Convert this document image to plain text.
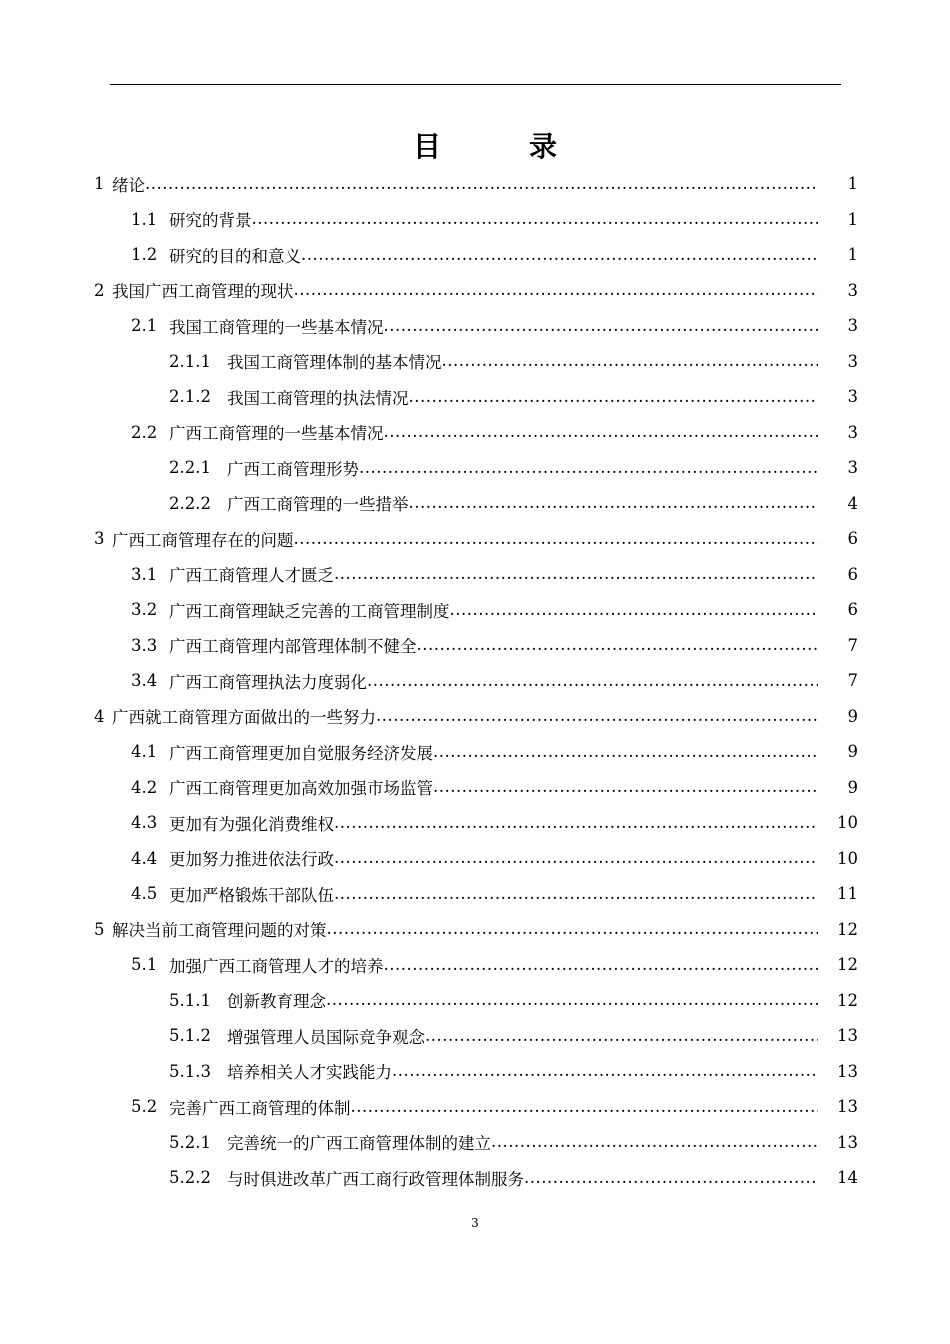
目　录
1 绪论 .....	1
1.1 研究的背景 .....	1
1.2 研究的目的和意义 .....	1
2 我国广西工商管理的现状 .....	3
2.1 我国工商管理的一些基本情况 .....	3
2.1.1 我国工商管理体制的基本情况 .....	3
2.1.2 我国工商管理的执法情况 .....	3
2.2 广西工商管理的一些基本情况 .....	3
2.2.1 广西工商管理形势 .....	3
2.2.2 广西工商管理的一些措举 .....	4
3 广西工商管理存在的问题 .....	6
3.1 广西工商管理人才匮乏 .....	6
3.2 广西工商管理缺乏完善的工商管理制度 .....	6
3.3 广西工商管理内部管理体制不健全 .....	7
3.4 广西工商管理执法力度弱化 .....	7
4 广西就工商管理方面做出的一些努力 .....	9
4.1 广西工商管理更加自觉服务经济发展 .....	9
4.2 广西工商管理更加高效加强市场监管 .....	9
4.3 更加有为强化消费维权 .....	10
4.4 更加努力推进依法行政 .....	10
4.5 更加严格锻炼干部队伍 .....	11
5 解决当前工商管理问题的对策 .....	12
5.1 加强广西工商管理人才的培养 .....	12
5.1.1 创新教育理念 .....	12
5.1.2 增强管理人员国际竞争观念 .....	13
5.1.3 培养相关人才实践能力 .....	13
5.2 完善广西工商管理的体制 .....	13
5.2.1 完善统一的广西工商管理体制的建立 .....	13
5.2.2 与时俱进改革广西工商行政管理体制服务 .....	14
3
